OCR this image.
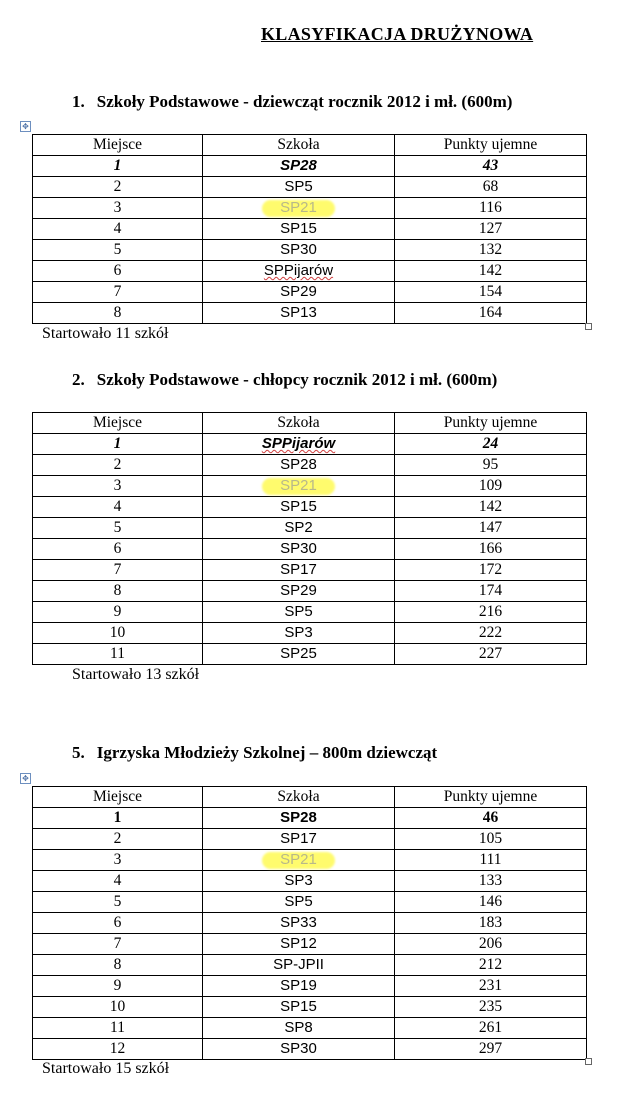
KLASYFIKACJA DRUŻYNOWA
1. Szkoły Podstawowe - dziewcząt rocznik 2012 i mł. (600m)
✥
Miejsce	Szkoła	Punkty ujemne
1	SP28	43
2	SP5	68
3	SP21	116
4	SP15	127
5	SP30	132
6	SPPijarów	142
7	SP29	154
8	SP13	164
Startowało 11 szkół
2. Szkoły Podstawowe - chłopcy rocznik 2012 i mł. (600m)
Miejsce	Szkoła	Punkty ujemne
1	SPPijarów	24
2	SP28	95
3	SP21	109
4	SP15	142
5	SP2	147
6	SP30	166
7	SP17	172
8	SP29	174
9	SP5	216
10	SP3	222
11	SP25	227
Startowało 13 szkół
5. Igrzyska Młodzieży Szkolnej – 800m dziewcząt
✥
Miejsce	Szkoła	Punkty ujemne
1	SP28	46
2	SP17	105
3	SP21	111
4	SP3	133
5	SP5	146
6	SP33	183
7	SP12	206
8	SP-JPII	212
9	SP19	231
10	SP15	235
11	SP8	261
12	SP30	297
Startowało 15 szkół
